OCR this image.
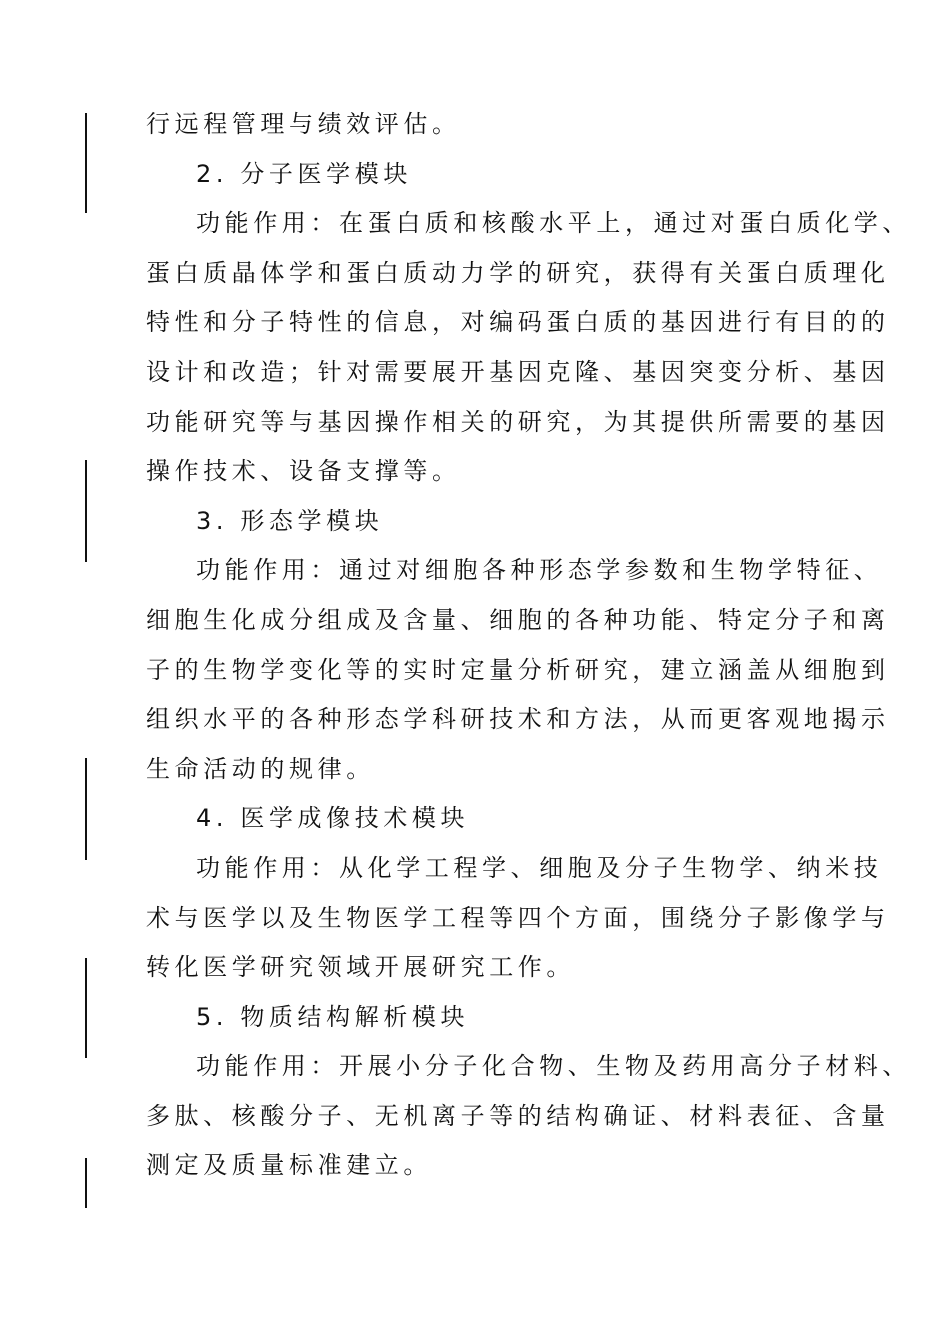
行远程管理与绩效评估。
2. 分子医学模块
功能作用：在蛋白质和核酸水平上，通过对蛋白质化学、
蛋白质晶体学和蛋白质动力学的研究，获得有关蛋白质理化
特性和分子特性的信息，对编码蛋白质的基因进行有目的的
设计和改造；针对需要展开基因克隆、基因突变分析、基因
功能研究等与基因操作相关的研究，为其提供所需要的基因
操作技术、设备支撑等。
3. 形态学模块
功能作用：通过对细胞各种形态学参数和生物学特征、
细胞生化成分组成及含量、细胞的各种功能、特定分子和离
子的生物学变化等的实时定量分析研究，建立涵盖从细胞到
组织水平的各种形态学科研技术和方法，从而更客观地揭示
生命活动的规律。
4. 医学成像技术模块
功能作用：从化学工程学、细胞及分子生物学、纳米技
术与医学以及生物医学工程等四个方面，围绕分子影像学与
转化医学研究领域开展研究工作。
5. 物质结构解析模块
功能作用：开展小分子化合物、生物及药用高分子材料、
多肽、核酸分子、无机离子等的结构确证、材料表征、含量
测定及质量标准建立。
